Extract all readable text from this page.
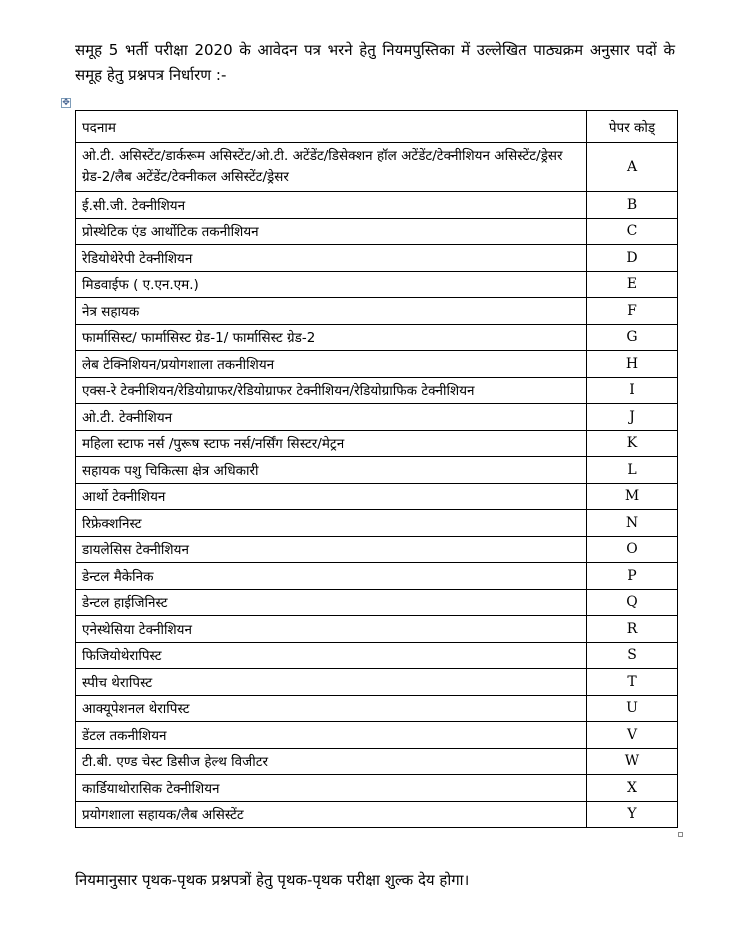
समूह 5 भर्ती परीक्षा 2020 के आवेदन पत्र भरने हेतु नियमपुस्तिका में उल्लेखित पाठ्यक्रम अनुसार पदों के समूह हेतु प्रश्नपत्र निर्धारण :-

✥
पदनाम	पेपर कोड्
ओ.टी. असिस्टेंट/डार्करूम असिस्टेंट/ओ.टी. अटेंडेंट/डिसेक्शन हॉल अटेंडेंट/टेक्नीशियन असिस्टेंट/ड्रेसर ग्रेड-2/लैब अटेंडेंट/टेक्नीकल असिस्टेंट/ड्रेसर	A
ई.सी.जी. टेक्नीशियन	B
प्रोस्थेटिक एंड आर्थोटिक तकनीशियन	C
रेडियोथेरेपी टेक्नीशियन	D
मिडवाईफ ( ए.एन.एम.)	E
नेत्र सहायक	F
फार्मासिस्ट/ फार्मासिस्ट ग्रेड-1/ फार्मासिस्ट ग्रेड-2	G
लेब टेक्निशियन/प्रयोगशाला तकनीशियन	H
एक्स-रे टेक्नीशियन/रेडियोग्राफर/रेडियोग्राफर टेक्नीशियन/रेडियोग्राफिक टेक्नीशियन	I
ओ.टी. टेक्नीशियन	J
महिला स्टाफ नर्स /पुरूष स्टाफ नर्स/नर्सिंग सिस्टर/मेट्रन	K
सहायक पशु चिकित्सा क्षेत्र अधिकारी	L
आर्थो टेक्नीशियन	M
रिफ्रेक्शनिस्ट	N
डायलेसिस टेक्नीशियन	O
डेन्टल मैकेनिक	P
डेन्टल हाईजिनिस्ट	Q
एनेस्थेसिया टेक्नीशियन	R
फिजियोथेरापिस्ट	S
स्पीच थेरापिस्ट	T
आक्यूपेशनल थेरापिस्ट	U
डेंटल तकनीशियन	V
टी.बी. एण्ड चेस्ट डिसीज हेल्थ विजीटर	W
कार्डियाथोरासिक टेक्नीशियन	X
प्रयोगशाला सहायक/लैब असिस्टेंट	Y

नियमानुसार पृथक-पृथक प्रश्नपत्रों हेतु पृथक-पृथक परीक्षा शुल्क देय होगा।
